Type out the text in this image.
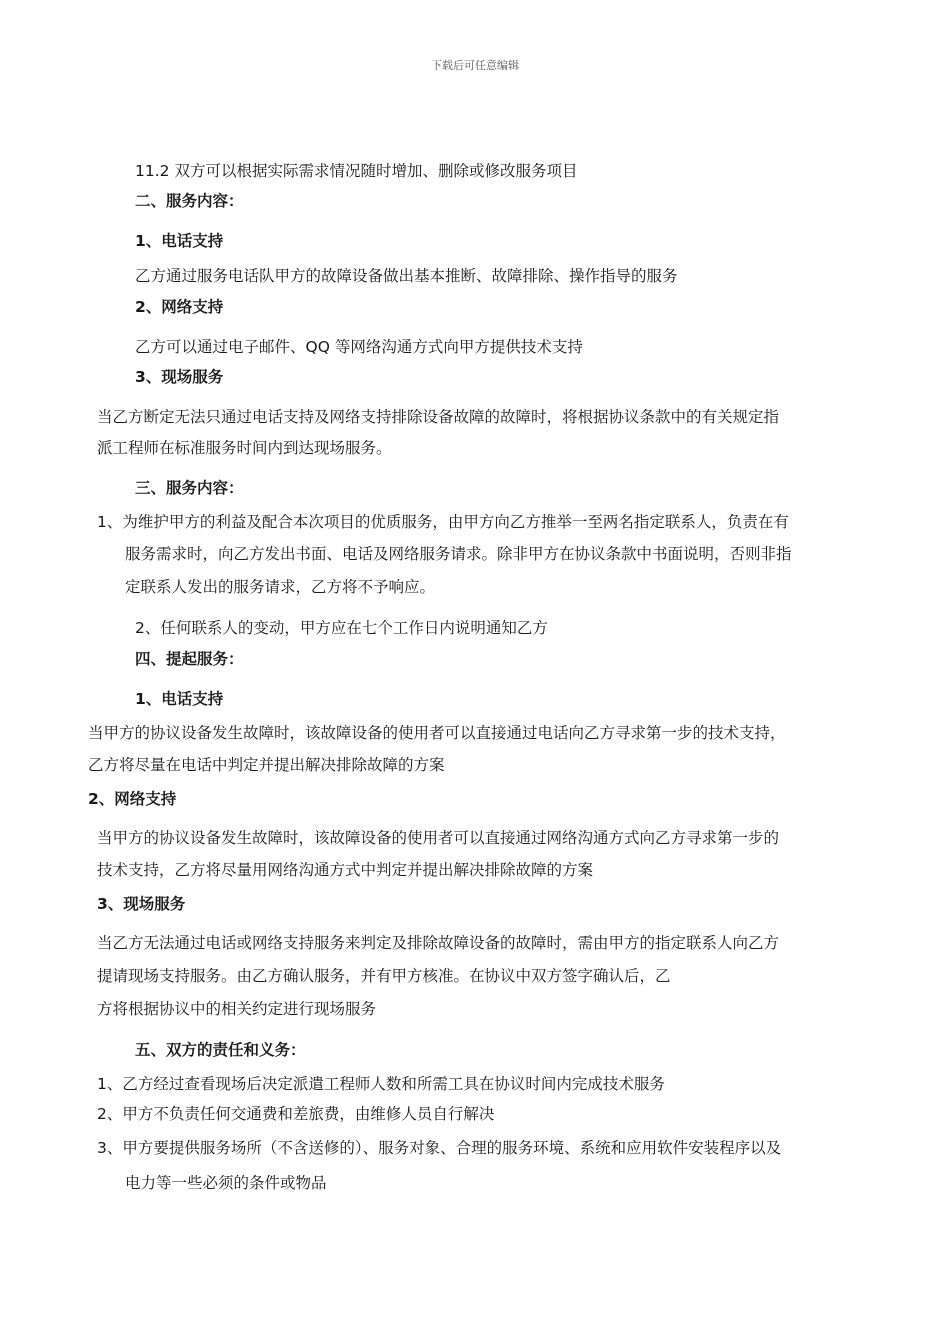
下载后可任意编辑
11.2 双方可以根据实际需求情况随时增加、删除或修改服务项目
二、服务内容：
1、电话支持
乙方通过服务电话队甲方的故障设备做出基本推断、故障排除、操作指导的服务
2、网络支持
乙方可以通过电子邮件、QQ 等网络沟通方式向甲方提供技术支持
3、现场服务
当乙方断定无法只通过电话支持及网络支持排除设备故障的故障时，将根据协议条款中的有关规定指
派工程师在标准服务时间内到达现场服务。
三、服务内容：
1、为维护甲方的利益及配合本次项目的优质服务，由甲方向乙方推举一至两名指定联系人，负责在有
服务需求时，向乙方发出书面、电话及网络服务请求。除非甲方在协议条款中书面说明，否则非指
定联系人发出的服务请求，乙方将不予响应。
2、任何联系人的变动，甲方应在七个工作日内说明通知乙方
四、提起服务：
1、电话支持
当甲方的协议设备发生故障时，该故障设备的使用者可以直接通过电话向乙方寻求第一步的技术支持，
乙方将尽量在电话中判定并提出解决排除故障的方案
2、网络支持
当甲方的协议设备发生故障时，该故障设备的使用者可以直接通过网络沟通方式向乙方寻求第一步的
技术支持，乙方将尽量用网络沟通方式中判定并提出解决排除故障的方案
3、现场服务
当乙方无法通过电话或网络支持服务来判定及排除故障设备的故障时，需由甲方的指定联系人向乙方
提请现场支持服务。由乙方确认服务，并有甲方核准。在协议中双方签字确认后，乙
方将根据协议中的相关约定进行现场服务
五、双方的责任和义务：
1、乙方经过查看现场后决定派遣工程师人数和所需工具在协议时间内完成技术服务
2、甲方不负责任何交通费和差旅费，由维修人员自行解决
3、甲方要提供服务场所（不含送修的）、服务对象、合理的服务环境、系统和应用软件安装程序以及
电力等一些必须的条件或物品
